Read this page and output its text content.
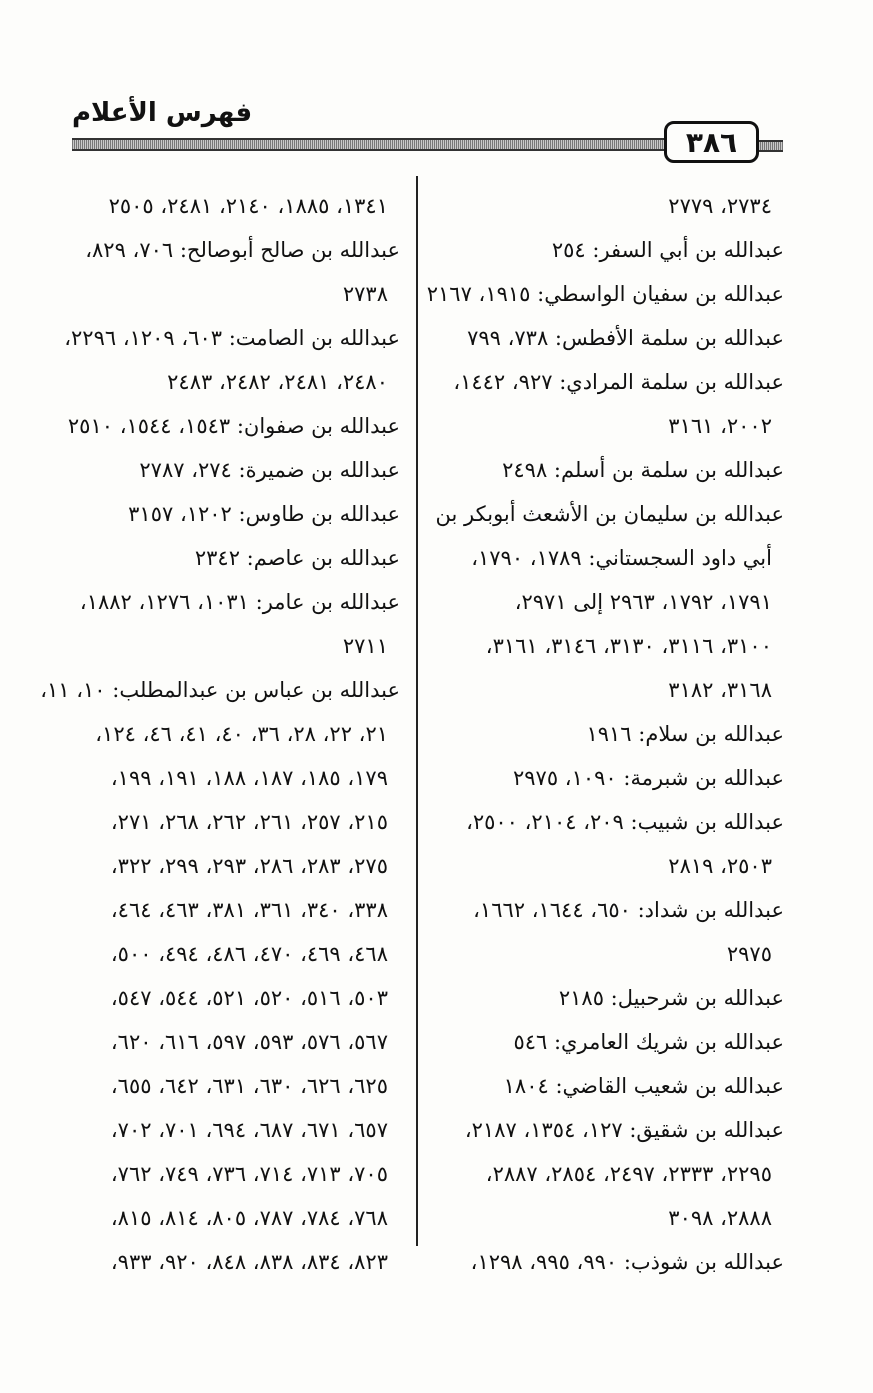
فهرس الأعلام
٣٨٦
٢٧٣٤، ٢٧٧٩
عبدالله بن أبي السفر: ٢٥٤
عبدالله بن سفيان الواسطي: ١٩١٥، ٢١٦٧
عبدالله بن سلمة الأفطس: ٧٣٨، ٧٩٩
عبدالله بن سلمة المرادي: ٩٢٧، ١٤٤٢،
٢٠٠٢، ٣١٦١
عبدالله بن سلمة بن أسلم: ٢٤٩٨
عبدالله بن سليمان بن الأشعث أبوبكر بن
أبي داود السجستاني: ١٧٨٩، ١٧٩٠،
١٧٩١، ١٧٩٢، ٢٩٦٣ إلى ٢٩٧١،
٣١٠٠، ٣١١٦، ٣١٣٠، ٣١٤٦، ٣١٦١،
٣١٦٨، ٣١٨٢
عبدالله بن سلام: ١٩١٦
عبدالله بن شبرمة: ١٠٩٠، ٢٩٧٥
عبدالله بن شبيب: ٢٠٩، ٢١٠٤، ٢٥٠٠،
٢٥٠٣، ٢٨١٩
عبدالله بن شداد: ٦٥٠، ١٦٤٤، ١٦٦٢،
٢٩٧٥
عبدالله بن شرحبيل: ٢١٨٥
عبدالله بن شريك العامري: ٥٤٦
عبدالله بن شعيب القاضي: ١٨٠٤
عبدالله بن شقيق: ١٢٧، ١٣٥٤، ٢١٨٧،
٢٢٩٥، ٢٣٣٣، ٢٤٩٧، ٢٨٥٤، ٢٨٨٧،
٢٨٨٨، ٣٠٩٨
عبدالله بن شوذب: ٩٩٠، ٩٩٥، ١٢٩٨،
١٣٤١، ١٨٨٥، ٢١٤٠، ٢٤٨١، ٢٥٠٥
عبدالله بن صالح أبوصالح: ٧٠٦، ٨٢٩،
٢٧٣٨
عبدالله بن الصامت: ٦٠٣، ١٢٠٩، ٢٢٩٦،
٢٤٨٠، ٢٤٨١، ٢٤٨٢، ٢٤٨٣
عبدالله بن صفوان: ١٥٤٣، ١٥٤٤، ٢٥١٠
عبدالله بن ضميرة: ٢٧٤، ٢٧٨٧
عبدالله بن طاوس: ١٢٠٢، ٣١٥٧
عبدالله بن عاصم: ٢٣٤٢
عبدالله بن عامر: ١٠٣١، ١٢٧٦، ١٨٨٢،
٢٧١١
عبدالله بن عباس بن عبدالمطلب: ١٠، ١١،
٢١، ٢٢، ٢٨، ٣٦، ٤٠، ٤١، ٤٦، ١٢٤،
١٧٩، ١٨٥، ١٨٧، ١٨٨، ١٩١، ١٩٩،
٢١٥، ٢٥٧، ٢٦١، ٢٦٢، ٢٦٨، ٢٧١،
٢٧٥، ٢٨٣، ٢٨٦، ٢٩٣، ٢٩٩، ٣٢٢،
٣٣٨، ٣٤٠، ٣٦١، ٣٨١، ٤٦٣، ٤٦٤،
٤٦٨، ٤٦٩، ٤٧٠، ٤٨٦، ٤٩٤، ٥٠٠،
٥٠٣، ٥١٦، ٥٢٠، ٥٢١، ٥٤٤، ٥٤٧،
٥٦٧، ٥٧٦، ٥٩٣، ٥٩٧، ٦١٦، ٦٢٠،
٦٢٥، ٦٢٦، ٦٣٠، ٦٣١، ٦٤٢، ٦٥٥،
٦٥٧، ٦٧١، ٦٨٧، ٦٩٤، ٧٠١، ٧٠٢،
٧٠٥، ٧١٣، ٧١٤، ٧٣٦، ٧٤٩، ٧٦٢،
٧٦٨، ٧٨٤، ٧٨٧، ٨٠٥، ٨١٤، ٨١٥،
٨٢٣، ٨٣٤، ٨٣٨، ٨٤٨، ٩٢٠، ٩٣٣،
